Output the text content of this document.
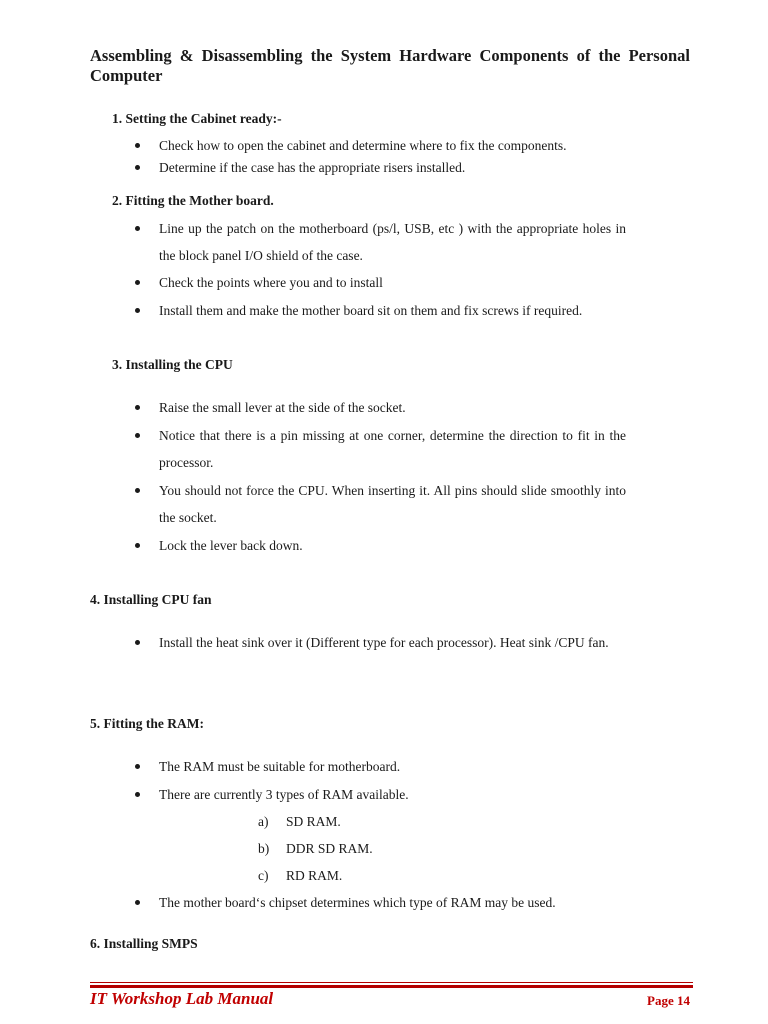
Assembling & Disassembling the System Hardware Components of the Personal Computer
1. Setting the Cabinet ready:-
Check how to open the cabinet and determine where to fix the components.
Determine if the case has the appropriate risers installed.
2. Fitting the Mother board.
Line up the patch on the motherboard (ps/l, USB, etc ) with the appropriate holes in the block panel I/O shield of the case.
Check the points where you and to install
Install them and make the mother board sit on them and fix screws if required.
3. Installing the CPU
Raise the small lever at the side of the socket.
Notice that there is a pin missing at one corner, determine the direction to fit in the processor.
You should not force the CPU. When inserting it. All pins should slide smoothly into the socket.
Lock the lever back down.
4. Installing CPU fan
Install the heat sink over it (Different type for each processor). Heat sink /CPU fan.
5. Fitting the RAM:
The RAM must be suitable for motherboard.
There are currently 3 types of RAM available.

a) SD RAM.

b) DDR SD RAM.

c) RD RAM.

The mother board‘s chipset determines which type of RAM may be used.
6. Installing SMPS

IT Workshop Lab Manual	Page 14
